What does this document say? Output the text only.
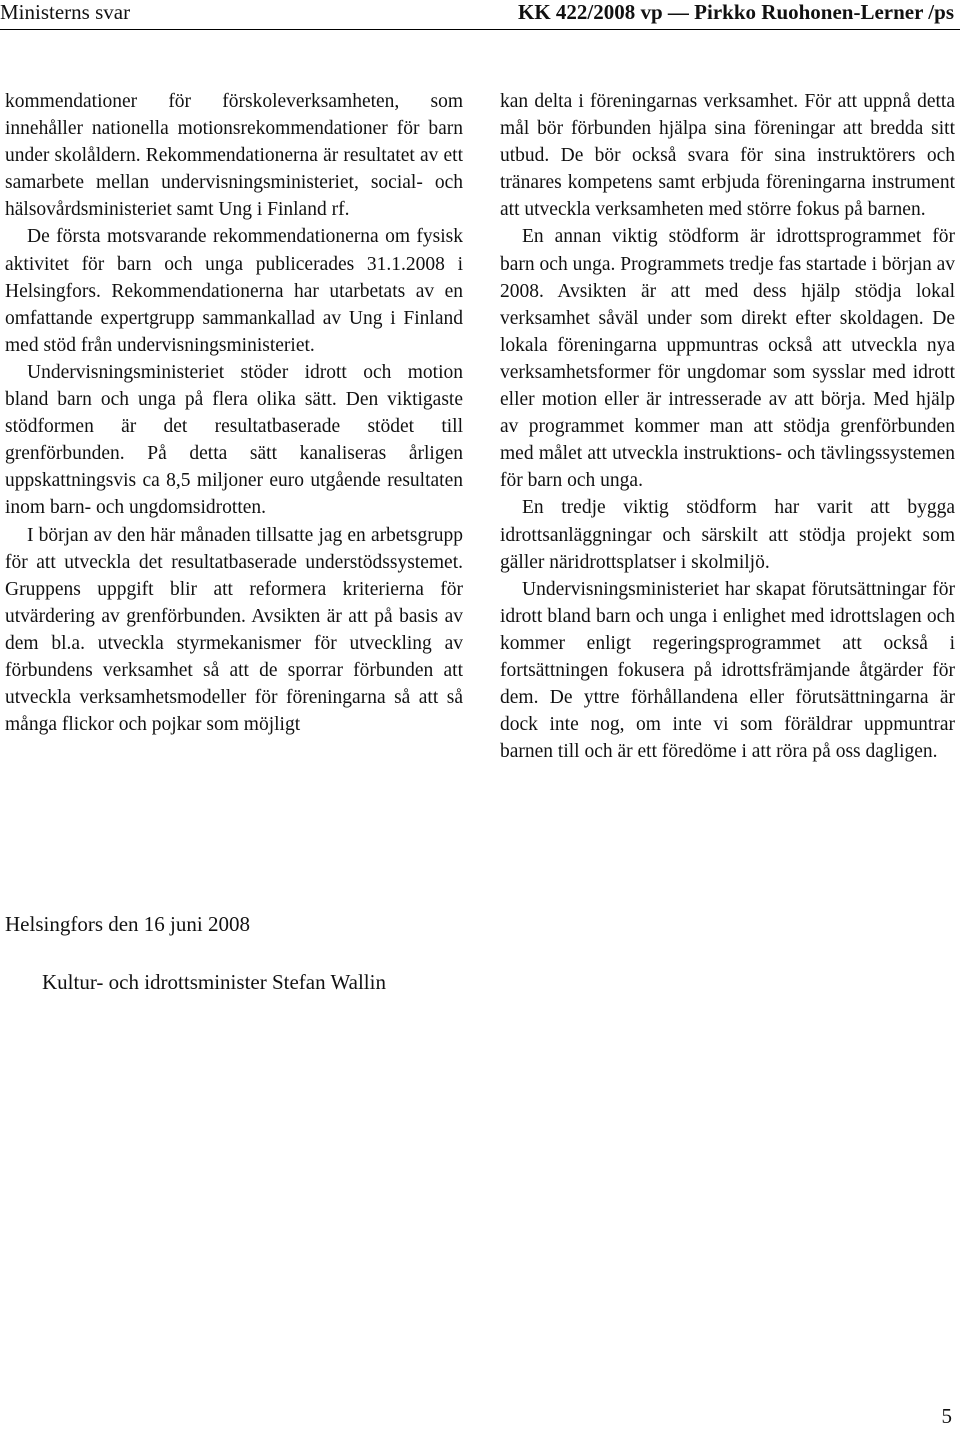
Ministerns svar	KK 422/2008 vp — Pirkko Ruohonen-Lerner /ps

kommendationer för förskoleverksamheten, som innehåller nationella motionsrekommendationer för barn under skolåldern. Rekommendationerna är resultatet av ett samarbete mellan undervisningsministeriet, social- och hälsovårdsministeriet samt Ung i Finland rf.

De första motsvarande rekommendationerna om fysisk aktivitet för barn och unga publicerades 31.1.2008 i Helsingfors. Rekommendationerna har utarbetats av en omfattande expertgrupp sammankallad av Ung i Finland med stöd från undervisningsministeriet.

Undervisningsministeriet stöder idrott och motion bland barn och unga på flera olika sätt. Den viktigaste stödformen är det resultatbaserade stödet till grenförbunden. På detta sätt kanaliseras årligen uppskattningsvis ca 8,5 miljoner euro utgående resultaten inom barn- och ungdomsidrotten.

I början av den här månaden tillsatte jag en arbetsgrupp för att utveckla det resultatbaserade understödssystemet. Gruppens uppgift blir att reformera kriterierna för utvärdering av grenförbunden. Avsikten är att på basis av dem bl.a. utveckla styrmekanismer för utveckling av förbundens verksamhet så att de sporrar förbunden att utveckla verksamhetsmodeller för föreningarna så att så många flickor och pojkar som möjligt

kan delta i föreningarnas verksamhet. För att uppnå detta mål bör förbunden hjälpa sina föreningar att bredda sitt utbud. De bör också svara för sina instruktörers och tränares kompetens samt erbjuda föreningarna instrument att utveckla verksamheten med större fokus på barnen.

En annan viktig stödform är idrottsprogrammet för barn och unga. Programmets tredje fas startade i början av 2008. Avsikten är att med dess hjälp stödja lokal verksamhet såväl under som direkt efter skoldagen. De lokala föreningarna uppmuntras också att utveckla nya verksamhetsformer för ungdomar som sysslar med idrott eller motion eller är intresserade av att börja. Med hjälp av programmet kommer man att stödja grenförbunden med målet att utveckla instruktions- och tävlingssystemen för barn och unga.

En tredje viktig stödform har varit att bygga idrottsanläggningar och särskilt att stödja projekt som gäller näridrottsplatser i skolmiljö.

Undervisningsministeriet har skapat förutsättningar för idrott bland barn och unga i enlighet med idrottslagen och kommer enligt regeringsprogrammet att också i fortsättningen fokusera på idrottsfrämjande åtgärder för dem. De yttre förhållandena eller förutsättningarna är dock inte nog, om inte vi som föräldrar uppmuntrar barnen till och är ett föredöme i att röra på oss dagligen.

Helsingfors den 16 juni 2008
Kultur- och idrottsminister Stefan Wallin
5
